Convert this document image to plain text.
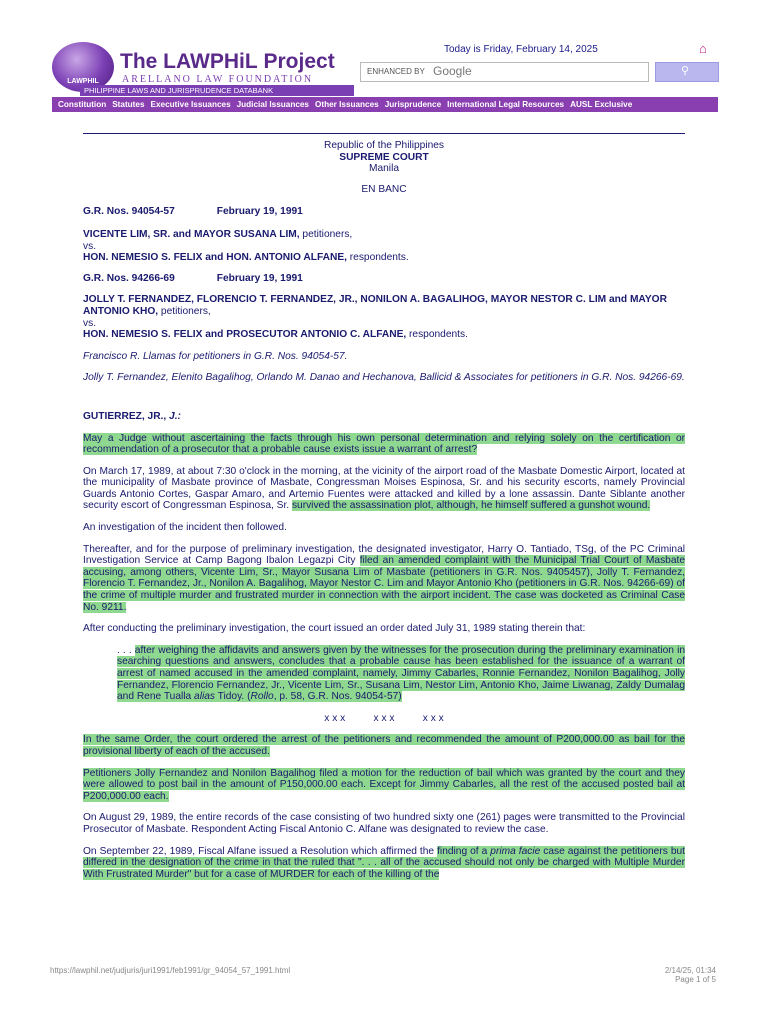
LAWPHIL
The LAWPHiL Project
ARELLANO LAW FOUNDATION
PHILIPPINE LAWS AND JURISPRUDENCE DATABANK
Today is Friday, February 14, 2025	⌂
ENHANCED BY Google	⚲
Constitution Statutes Executive Issuances Judicial Issuances Other Issuances Jurisprudence International Legal Resources AUSL Exclusive

Republic of the Philippines

SUPREME COURT

Manila

EN BANC

G.R. Nos. 94054-57	February 19, 1991

VICENTE LIM, SR. and MAYOR SUSANA LIM, petitioners,

vs.

HON. NEMESIO S. FELIX and HON. ANTONIO ALFANE, respondents.

G.R. Nos. 94266-69	February 19, 1991

JOLLY T. FERNANDEZ, FLORENCIO T. FERNANDEZ, JR., NONILON A. BAGALIHOG, MAYOR NESTOR C. LIM and MAYOR ANTONIO KHO, petitioners,

vs.

HON. NEMESIO S. FELIX and PROSECUTOR ANTONIO C. ALFANE, respondents.

Francisco R. Llamas for petitioners in G.R. Nos. 94054-57.

Jolly T. Fernandez, Elenito Bagalihog, Orlando M. Danao and Hechanova, Ballicid & Associates for petitioners in G.R. Nos. 94266-69.

GUTIERREZ, JR., J.:

May a Judge without ascertaining the facts through his own personal determination and relying solely on the certification or recommendation of a prosecutor that a probable cause exists issue a warrant of arrest?

On March 17, 1989, at about 7:30 o'clock in the morning, at the vicinity of the airport road of the Masbate Domestic Airport, located at the municipality of Masbate province of Masbate, Congressman Moises Espinosa, Sr. and his security escorts, namely Provincial Guards Antonio Cortes, Gaspar Amaro, and Artemio Fuentes were attacked and killed by a lone assassin. Dante Siblante another security escort of Congressman Espinosa, Sr. survived the assassination plot, although, he himself suffered a gunshot wound.

An investigation of the incident then followed.

Thereafter, and for the purpose of preliminary investigation, the designated investigator, Harry O. Tantiado, TSg, of the PC Criminal Investigation Service at Camp Bagong Ibalon Legazpi City filed an amended complaint with the Municipal Trial Court of Masbate accusing, among others, Vicente Lim, Sr., Mayor Susana Lim of Masbate (petitioners in G.R. Nos. 9405457), Jolly T. Fernandez, Florencio T. Fernandez, Jr., Nonilon A. Bagalihog, Mayor Nestor C. Lim and Mayor Antonio Kho (petitioners in G.R. Nos. 94266-69) of the crime of multiple murder and frustrated murder in connection with the airport incident. The case was docketed as Criminal Case No. 9211.

After conducting the preliminary investigation, the court issued an order dated July 31, 1989 stating therein that:

. . . after weighing the affidavits and answers given by the witnesses for the prosecution during the preliminary examination in searching questions and answers, concludes that a probable cause has been established for the issuance of a warrant of arrest of named accused in the amended complaint, namely, Jimmy Cabarles, Ronnie Fernandez, Nonilon Bagalihog, Jolly Fernandez, Florencio Fernandez, Jr., Vicente Lim, Sr., Susana Lim, Nestor Lim, Antonio Kho, Jaime Liwanag, Zaldy Dumalag and Rene Tualla alias Tidoy. (Rollo, p. 58, G.R. Nos. 94054-57)

x x x          x x x          x x x

In the same Order, the court ordered the arrest of the petitioners and recommended the amount of P200,000.00 as bail for the provisional liberty of each of the accused.

Petitioners Jolly Fernandez and Nonilon Bagalihog filed a motion for the reduction of bail which was granted by the court and they were allowed to post bail in the amount of P150,000.00 each. Except for Jimmy Cabarles, all the rest of the accused posted bail at P200,000.00 each.

On August 29, 1989, the entire records of the case consisting of two hundred sixty one (261) pages were transmitted to the Provincial Prosecutor of Masbate. Respondent Acting Fiscal Antonio C. Alfane was designated to review the case.

On September 22, 1989, Fiscal Alfane issued a Resolution which affirmed the finding of a prima facie case against the petitioners but differed in the designation of the crime in that the ruled that ". . . all of the accused should not only be charged with Multiple Murder With Frustrated Murder" but for a case of MURDER for each of the killing of the

https://lawphil.net/judjuris/juri1991/feb1991/gr_94054_57_1991.html	2/14/25, 01:34
Page 1 of 5
